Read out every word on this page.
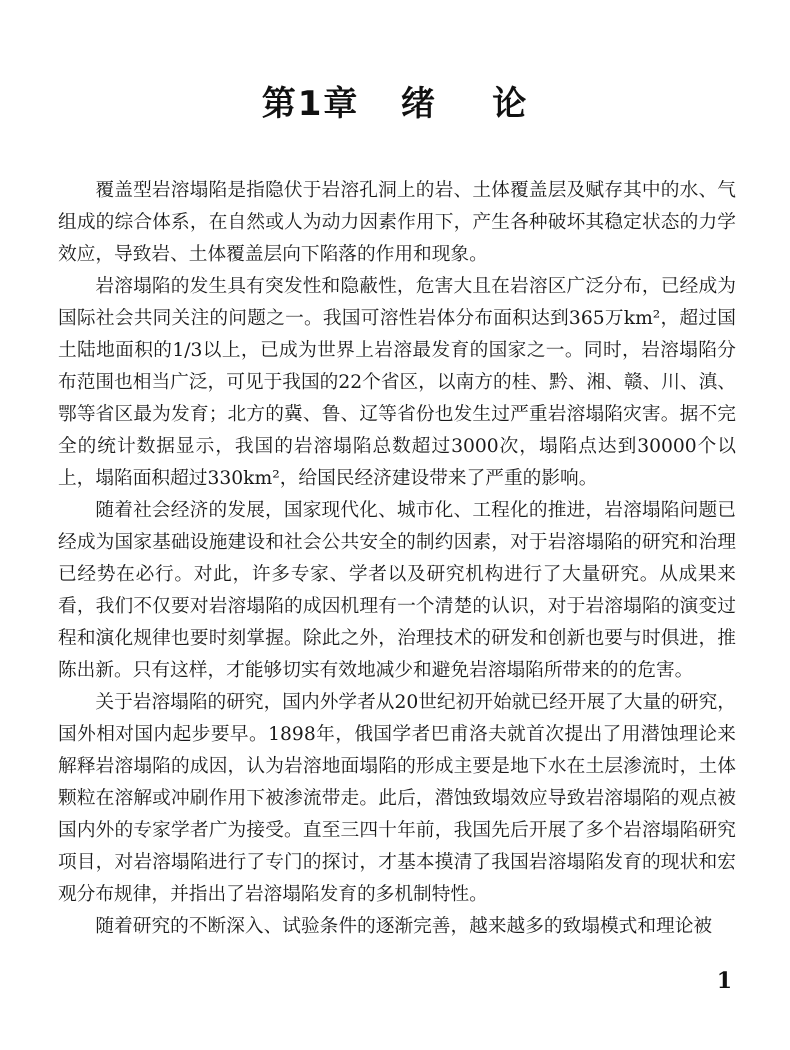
第1章   绪    论

覆盖型岩溶塌陷是指隐伏于岩溶孔洞上的岩、土体覆盖层及赋存其中的水、气组成的综合体系，在自然或人为动力因素作用下，产生各种破坏其稳定状态的力学效应，导致岩、土体覆盖层向下陷落的作用和现象。

岩溶塌陷的发生具有突发性和隐蔽性，危害大且在岩溶区广泛分布，已经成为国际社会共同关注的问题之一。我国可溶性岩体分布面积达到365万km²，超过国土陆地面积的1/3以上，已成为世界上岩溶最发育的国家之一。同时，岩溶塌陷分布范围也相当广泛，可见于我国的22个省区，以南方的桂、黔、湘、赣、川、滇、鄂等省区最为发育；北方的冀、鲁、辽等省份也发生过严重岩溶塌陷灾害。据不完全的统计数据显示，我国的岩溶塌陷总数超过3000次，塌陷点达到30000个以上，塌陷面积超过330km²，给国民经济建设带来了严重的影响。

随着社会经济的发展，国家现代化、城市化、工程化的推进，岩溶塌陷问题已经成为国家基础设施建设和社会公共安全的制约因素，对于岩溶塌陷的研究和治理已经势在必行。对此，许多专家、学者以及研究机构进行了大量研究。从成果来看，我们不仅要对岩溶塌陷的成因机理有一个清楚的认识，对于岩溶塌陷的演变过程和演化规律也要时刻掌握。除此之外，治理技术的研发和创新也要与时俱进，推陈出新。只有这样，才能够切实有效地减少和避免岩溶塌陷所带来的的危害。

关于岩溶塌陷的研究，国内外学者从20世纪初开始就已经开展了大量的研究，国外相对国内起步要早。1898年，俄国学者巴甫洛夫就首次提出了用潜蚀理论来解释岩溶塌陷的成因，认为岩溶地面塌陷的形成主要是地下水在土层渗流时，土体颗粒在溶解或冲刷作用下被渗流带走。此后，潜蚀致塌效应导致岩溶塌陷的观点被国内外的专家学者广为接受。直至三四十年前，我国先后开展了多个岩溶塌陷研究项目，对岩溶塌陷进行了专门的探讨，才基本摸清了我国岩溶塌陷发育的现状和宏观分布规律，并指出了岩溶塌陷发育的多机制特性。

随着研究的不断深入、试验条件的逐渐完善，越来越多的致塌模式和理论被

1
